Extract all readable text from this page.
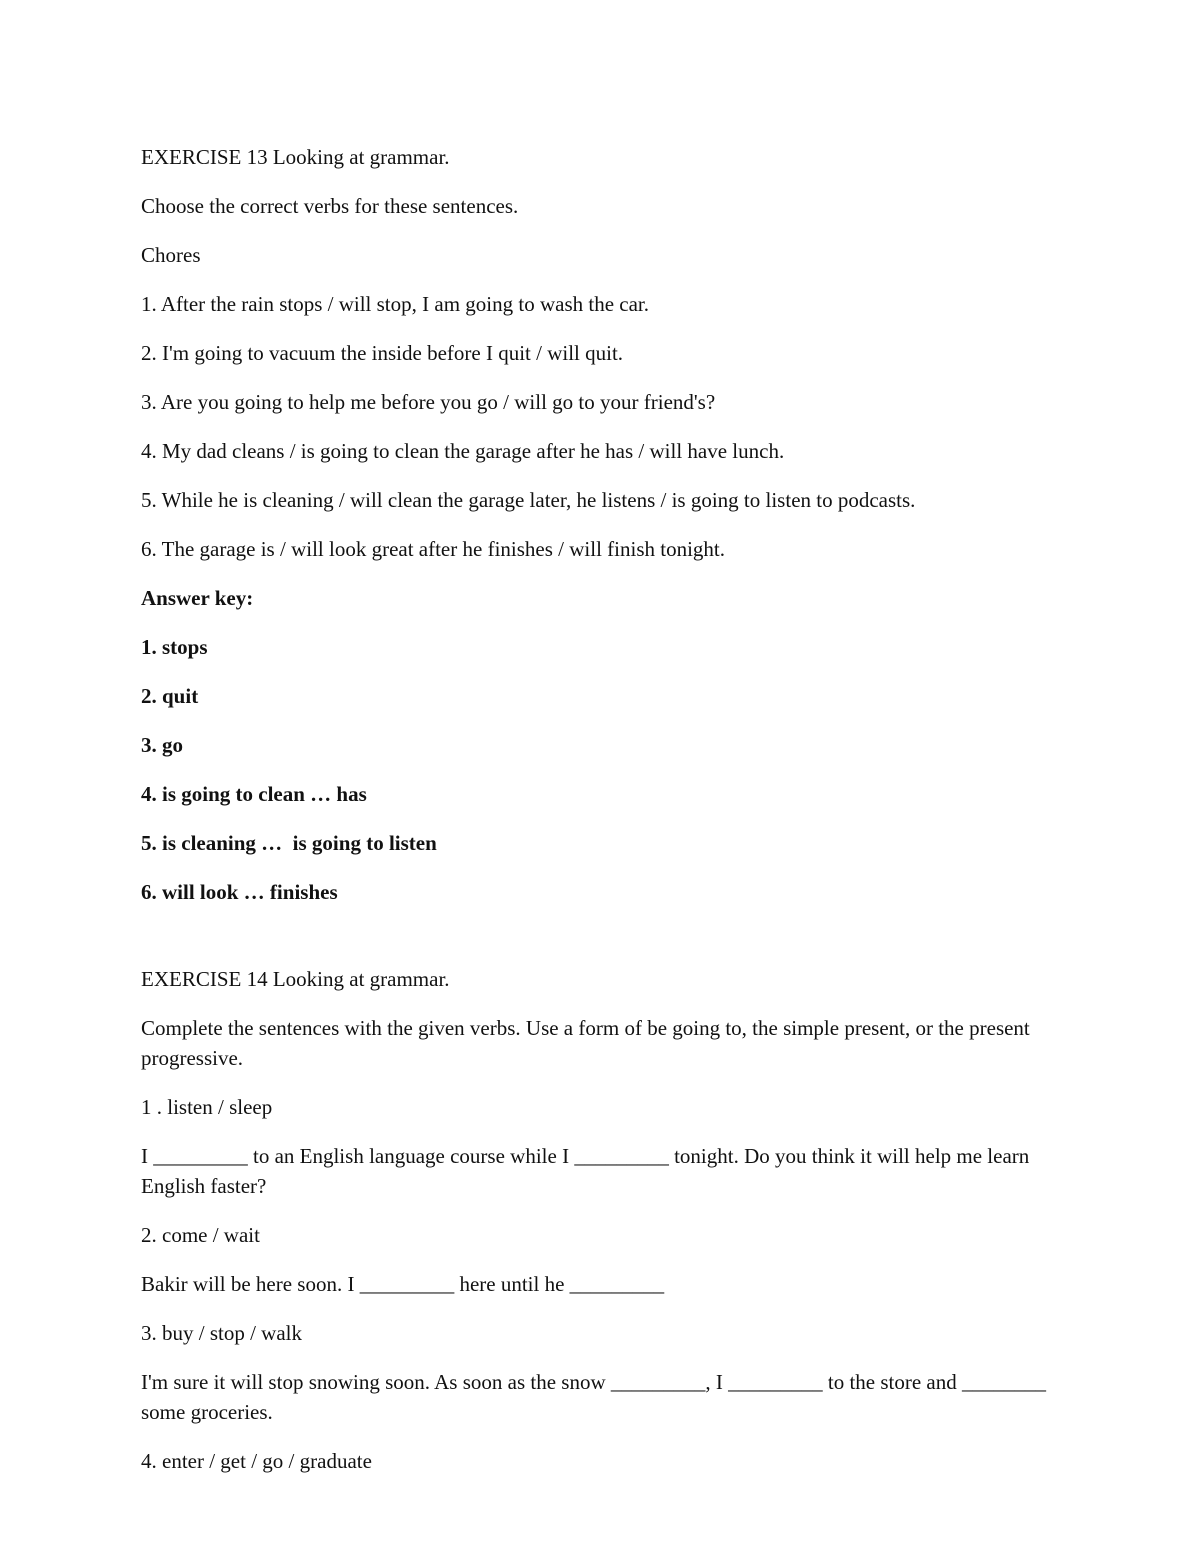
EXERCISE 13 Looking at grammar.

Choose the correct verbs for these sentences.

Chores

1. After the rain stops / will stop, I am going to wash the car.

2. I'm going to vacuum the inside before I quit / will quit.

3. Are you going to help me before you go / will go to your friend's?

4. My dad cleans / is going to clean the garage after he has / will have lunch.

5. While he is cleaning / will clean the garage later, he listens / is going to listen to podcasts.

6. The garage is / will look great after he finishes / will finish tonight.

Answer key:

1. stops

2. quit

3. go

4. is going to clean … has

5. is cleaning …  is going to listen

6. will look … finishes

EXERCISE 14 Looking at grammar.

Complete the sentences with the given verbs. Use a form of be going to, the simple present, or the present progressive.

1 . listen / sleep

I _________ to an English language course while I _________ tonight. Do you think it will help me learn English faster?

2. come / wait

Bakir will be here soon. I _________ here until he _________

3. buy / stop / walk

I'm sure it will stop snowing soon. As soon as the snow _________, I _________ to the store and ________ some groceries.

4. enter / get / go / graduate
